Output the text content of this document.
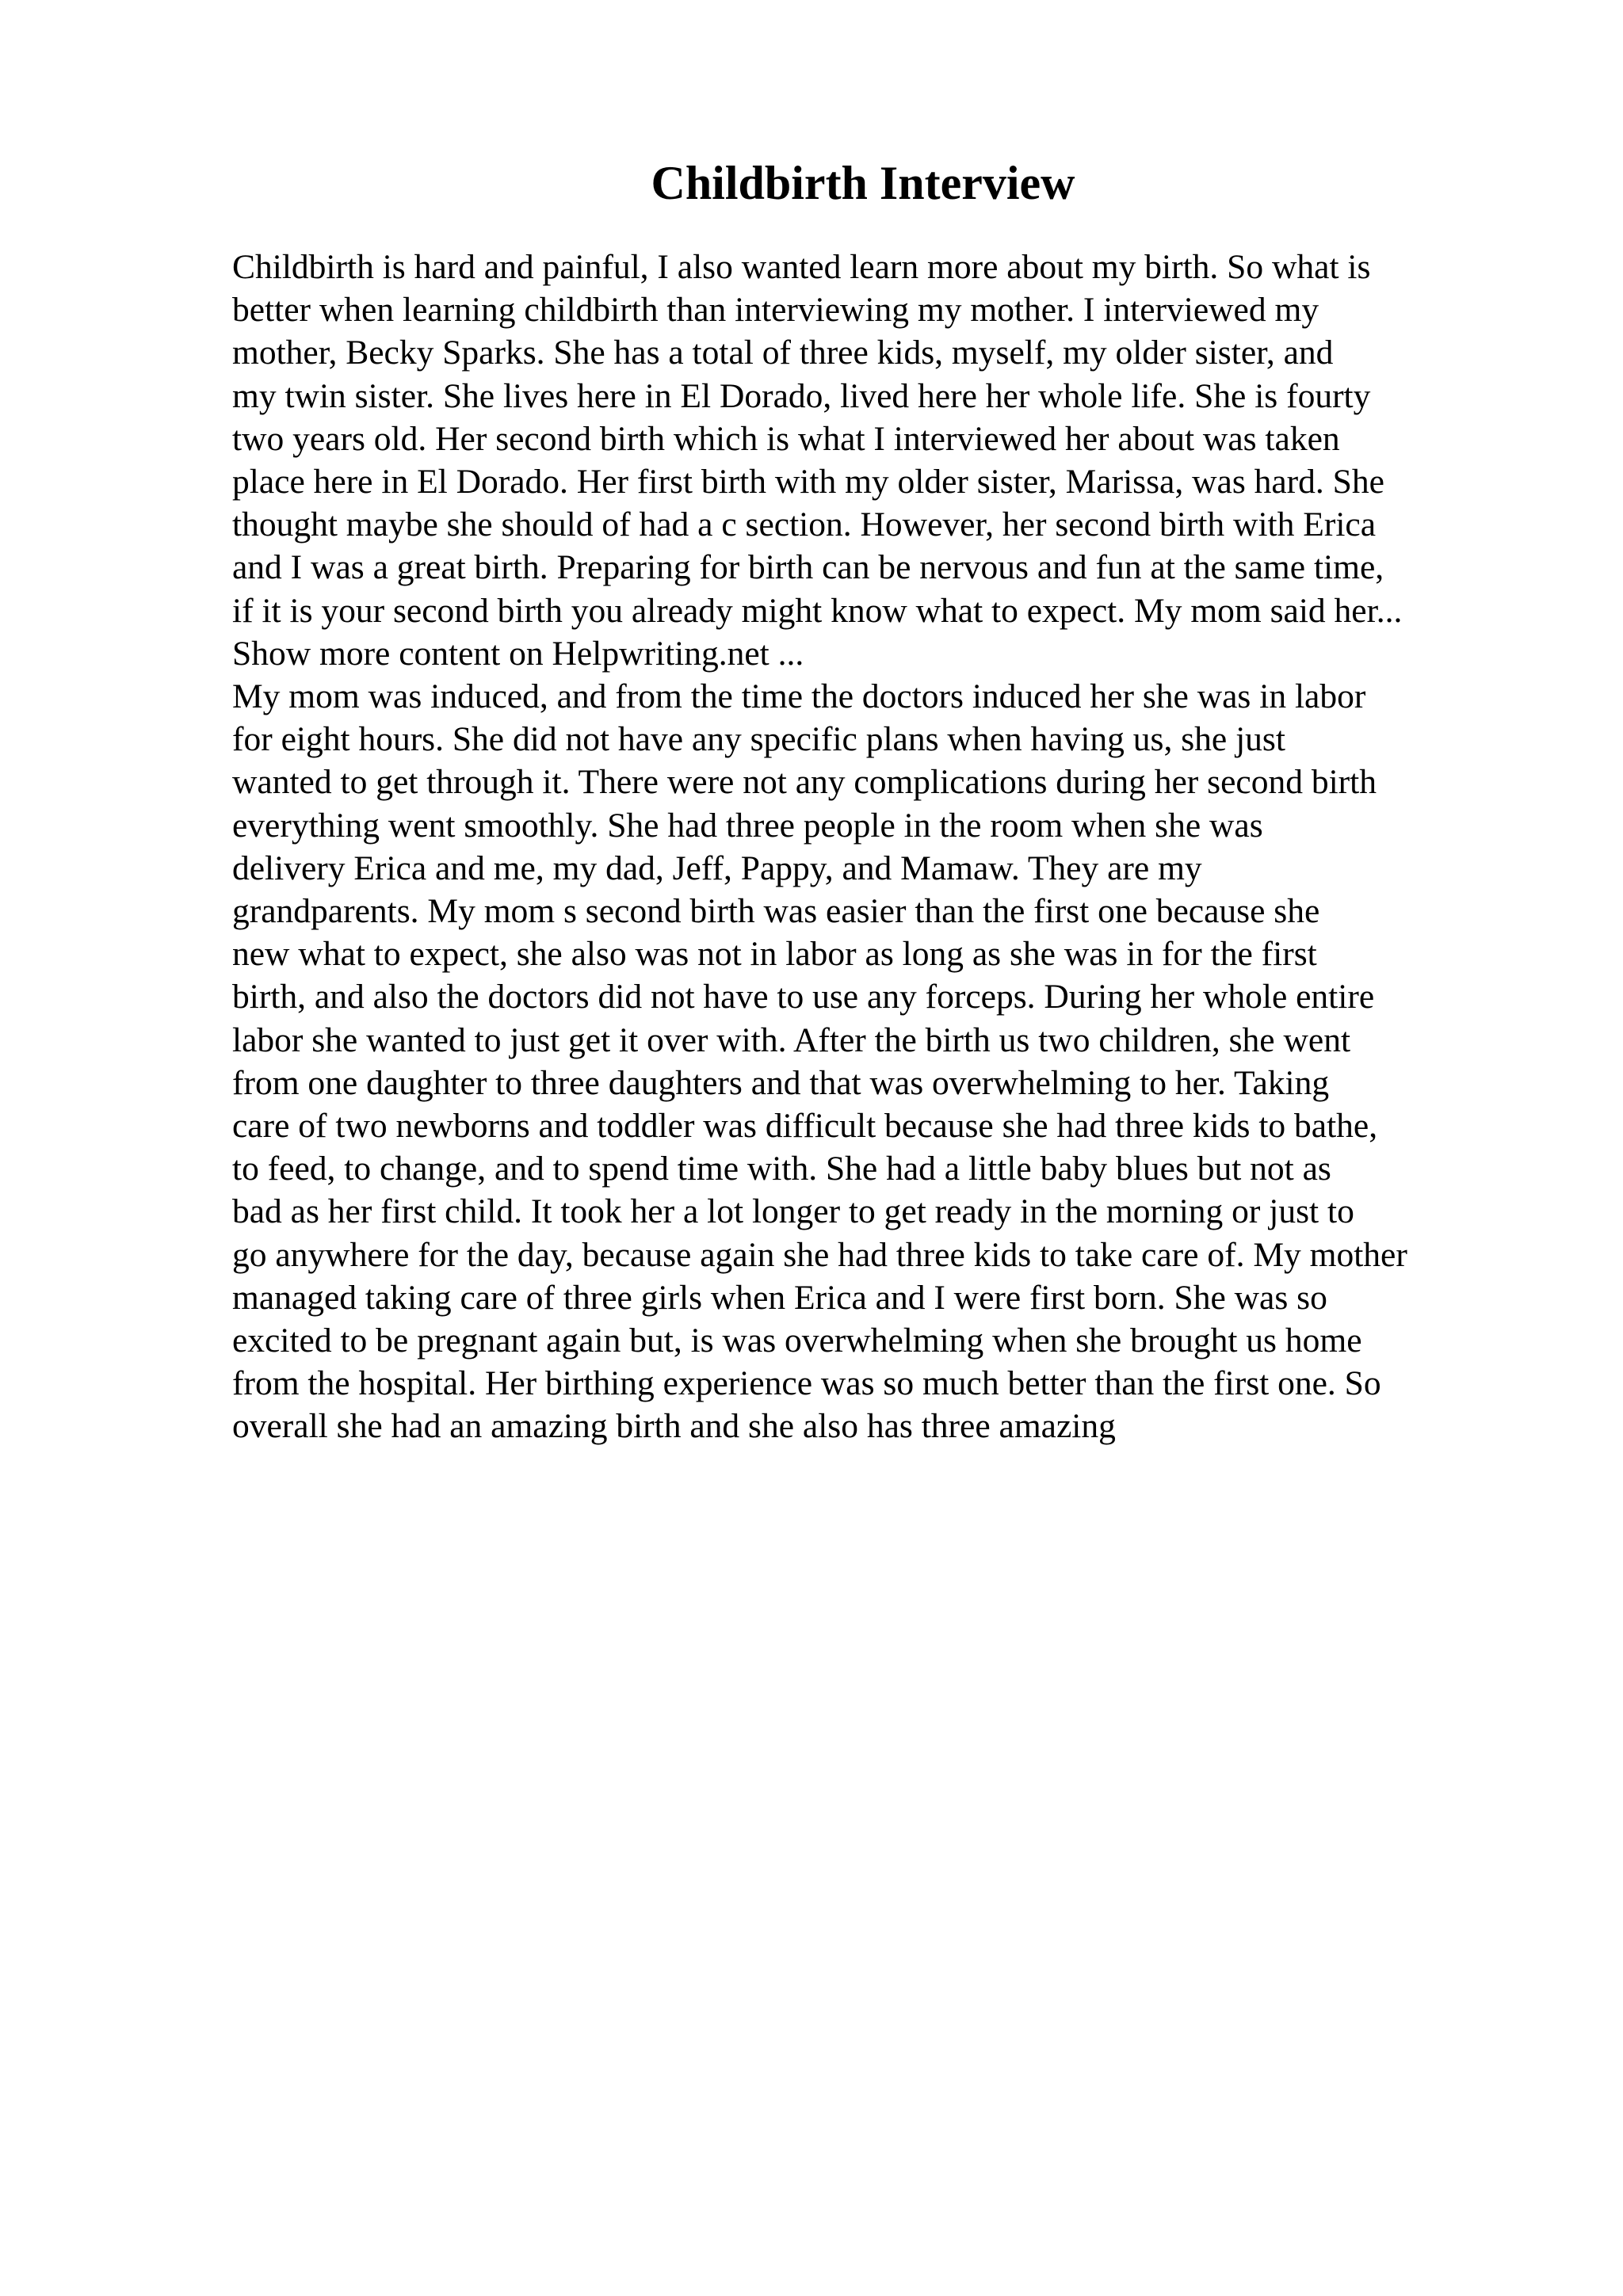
Childbirth Interview
Childbirth is hard and painful, I also wanted learn more about my birth. So what is
better when learning childbirth than interviewing my mother. I interviewed my
mother, Becky Sparks. She has a total of three kids, myself, my older sister, and
my twin sister. She lives here in El Dorado, lived here her whole life. She is fourty
two years old. Her second birth which is what I interviewed her about was taken
place here in El Dorado. Her first birth with my older sister, Marissa, was hard. She
thought maybe she should of had a c section. However, her second birth with Erica
and I was a great birth. Preparing for birth can be nervous and fun at the same time,
if it is your second birth you already might know what to expect. My mom said her...
Show more content on Helpwriting.net ...
My mom was induced, and from the time the doctors induced her she was in labor
for eight hours. She did not have any specific plans when having us, she just
wanted to get through it. There were not any complications during her second birth
everything went smoothly. She had three people in the room when she was
delivery Erica and me, my dad, Jeff, Pappy, and Mamaw. They are my
grandparents. My mom s second birth was easier than the first one because she
new what to expect, she also was not in labor as long as she was in for the first
birth, and also the doctors did not have to use any forceps. During her whole entire
labor she wanted to just get it over with. After the birth us two children, she went
from one daughter to three daughters and that was overwhelming to her. Taking
care of two newborns and toddler was difficult because she had three kids to bathe,
to feed, to change, and to spend time with. She had a little baby blues but not as
bad as her first child. It took her a lot longer to get ready in the morning or just to
go anywhere for the day, because again she had three kids to take care of. My mother
managed taking care of three girls when Erica and I were first born. She was so
excited to be pregnant again but, is was overwhelming when she brought us home
from the hospital. Her birthing experience was so much better than the first one. So
overall she had an amazing birth and she also has three amazing
